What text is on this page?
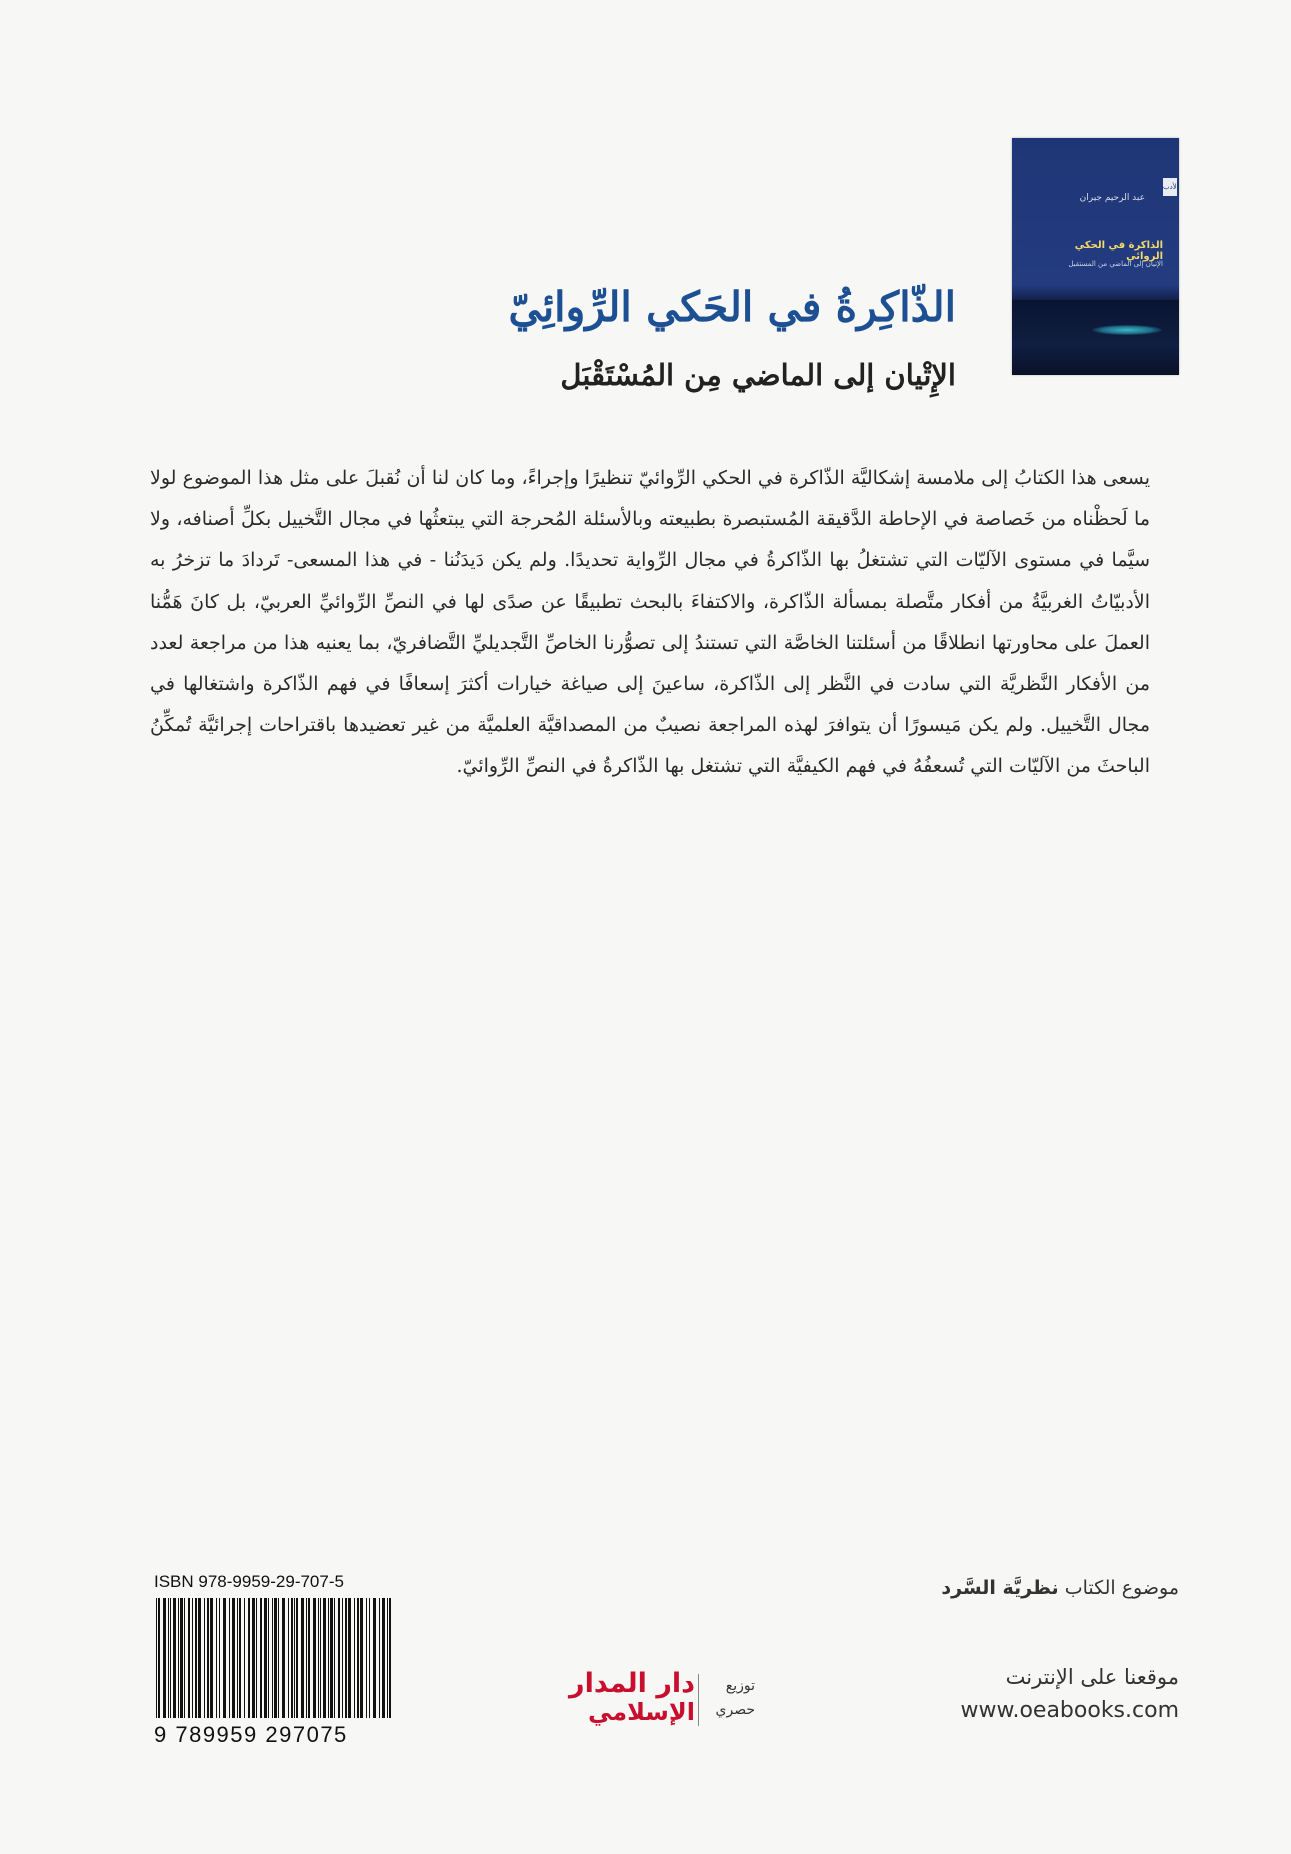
الأدب
عبد الرحيم جيران
الذاكرة في الحكي الروائي
الإتيان إلى الماضي من المستقبل
الذّاكِرةُ في الحَكي الرِّوائِيّ
الإِتْيان إلى الماضي مِن المُسْتَقْبَل
يسعى هذا الكتابُ إلى ملامسة إشكاليَّة الذّاكرة في الحكي الرِّوائيّ تنظيرًا وإجراءً، وما كان لنا أن نُقبلَ على مثل هذا الموضوع لولا ما لَحظْناه من خَصاصة في الإحاطة الدَّقيقة المُستبصرة بطبيعته وبالأسئلة المُحرجة التي يبتعثُها في مجال التَّخييل بكلِّ أصنافه، ولا سيَّما في مستوى الآليّات التي تشتغلُ بها الذّاكرةُ في مجال الرِّواية تحديدًا. ولم يكن دَيدَنُنا - في هذا المسعى- تَردادَ ما تزخرُ به الأدبيّاتُ الغربيَّةُ من أفكار متَّصلة بمسألة الذّاكرة، والاكتفاءَ بالبحث تطبيقًا عن صدًى لها في النصِّ الرِّوائيِّ العربيّ، بل كانَ هَمُّنا العملَ على محاورتها انطلاقًا من أسئلتنا الخاصَّة التي تستندُ إلى تصوُّرنا الخاصِّ التَّجديليِّ التَّضافريّ، بما يعنيه هذا من مراجعة لعدد من الأفكار النَّظريَّة التي سادت في النَّظر إلى الذّاكرة، ساعينَ إلى صياغة خيارات أكثرَ إسعافًا في فهم الذّاكرة واشتغالها في مجال التَّخييل. ولم يكن مَيسورًا أن يتوافرَ لهذه المراجعة نصيبٌ من المصداقيَّة العلميَّة من غير تعضيدها باقتراحات إجرائيَّة تُمكِّنُ الباحثَ من الآليّات التي تُسعفُهُ في فهم الكيفيَّة التي تشتغل بها الذّاكرةُ في النصِّ الرِّوائيّ.
موضوع الكتاب نظريَّة السَّرد
موقعنا على الإنترنت
www.oeabooks.com
دار المدار
الإسلامي
توزيع
حصري
ISBN 978-9959-29-707-5
9 789959 297075
